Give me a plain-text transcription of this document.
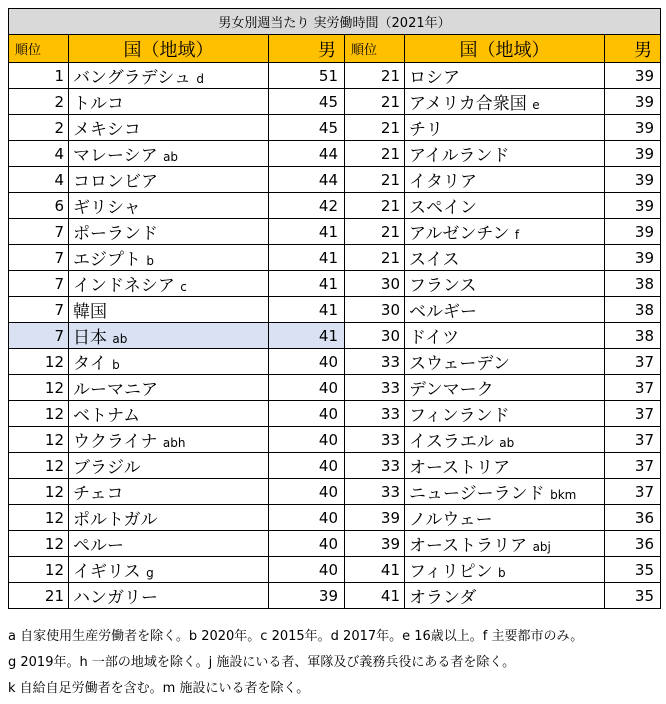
男女別週当たり 実労働時間（2021年）					
順位	国（地域）	男	順位	国（地域）	男
1	バングラデシュ d	51	21	ロシア	39
2	トルコ	45	21	アメリカ合衆国 e	39
2	メキシコ	45	21	チリ	39
4	マレーシア ab	44	21	アイルランド	39
4	コロンビア	44	21	イタリア	39
6	ギリシャ	42	21	スペイン	39
7	ポーランド	41	21	アルゼンチン f	39
7	エジプト b	41	21	スイス	39
7	インドネシア c	41	30	フランス	38
7	韓国	41	30	ベルギー	38
7	日本 ab	41	30	ドイツ	38
12	タイ b	40	33	スウェーデン	37
12	ルーマニア	40	33	デンマーク	37
12	ベトナム	40	33	フィンランド	37
12	ウクライナ abh	40	33	イスラエル ab	37
12	ブラジル	40	33	オーストリア	37
12	チェコ	40	33	ニュージーランド bkm	37
12	ポルトガル	40	39	ノルウェー	36
12	ペルー	40	39	オーストラリア abj	36
12	イギリス g	40	41	フィリピン b	35
21	ハンガリー	39	41	オランダ	35
a 自家使用生産労働者を除く。b 2020年。c 2015年。d 2017年。e 16歳以上。f 主要都市のみ。
g 2019年。h 一部の地域を除く。j 施設にいる者、軍隊及び義務兵役にある者を除く。
k 自給自足労働者を含む。m 施設にいる者を除く。
